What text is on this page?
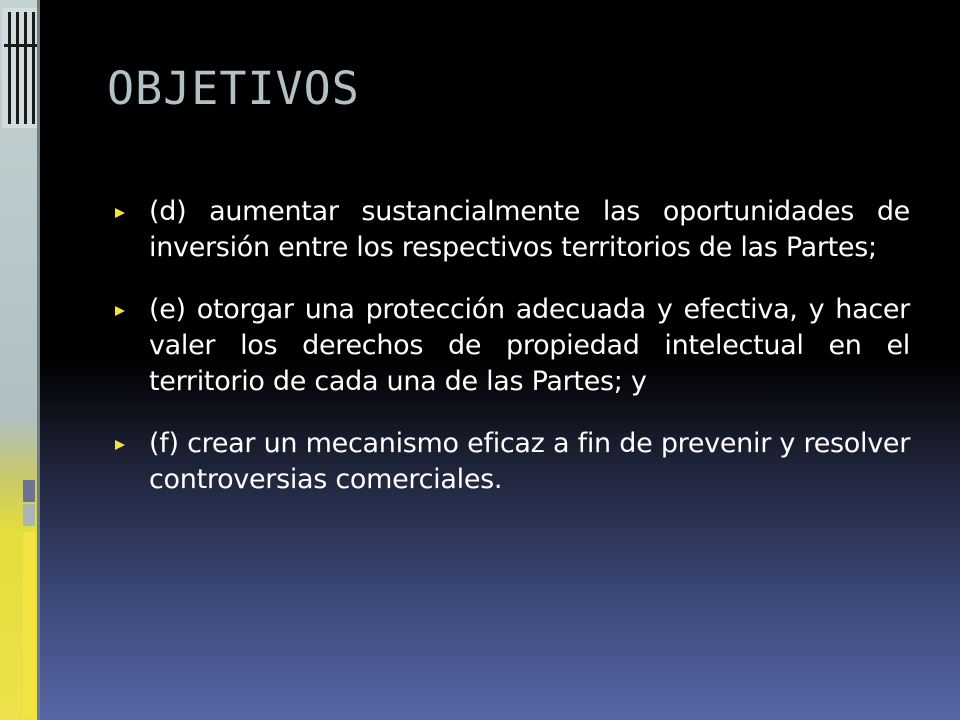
OBJETIVOS
(d) aumentar sustancialmente las oportunidades de inversión entre los respectivos territorios de las Partes;
(e) otorgar una protección adecuada y efectiva, y hacer valer los derechos de propiedad intelectual en el territorio de cada una de las Partes; y
(f) crear un mecanismo eficaz a fin de prevenir y resolver controversias comerciales.
